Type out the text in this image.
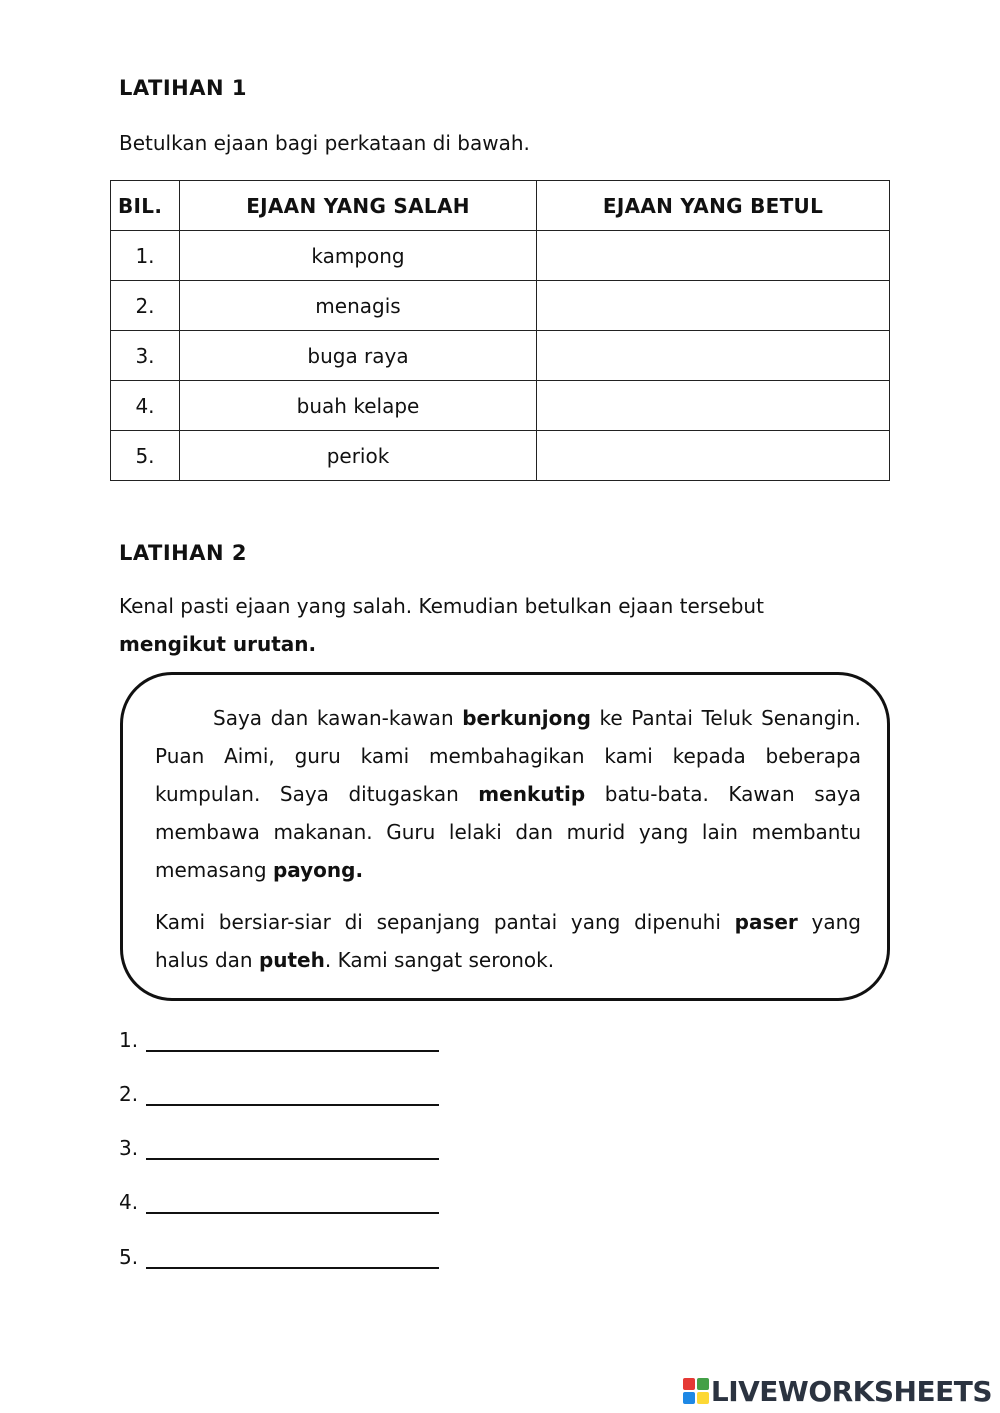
LATIHAN 1
Betulkan ejaan bagi perkataan di bawah.
BIL.	EJAAN YANG SALAH	EJAAN YANG BETUL
1.	kampong	
2.	menagis	
3.	buga raya	
4.	buah kelape	
5.	periok	
LATIHAN 2
Kenal pasti ejaan yang salah. Kemudian betulkan ejaan tersebut
mengikut urutan.

Saya dan kawan-kawan berkunjong ke Pantai Teluk Senangin. Puan Aimi, guru kami membahagikan kami kepada beberapa kumpulan. Saya ditugaskan menkutip batu-bata. Kawan saya membawa makanan. Guru lelaki dan murid yang lain membantu memasang payong.

Kami bersiar-siar di sepanjang pantai yang dipenuhi paser yang halus dan puteh. Kami sangat seronok.

1.
2.
3.
4.
5.
LIVEWORKSHEETS
